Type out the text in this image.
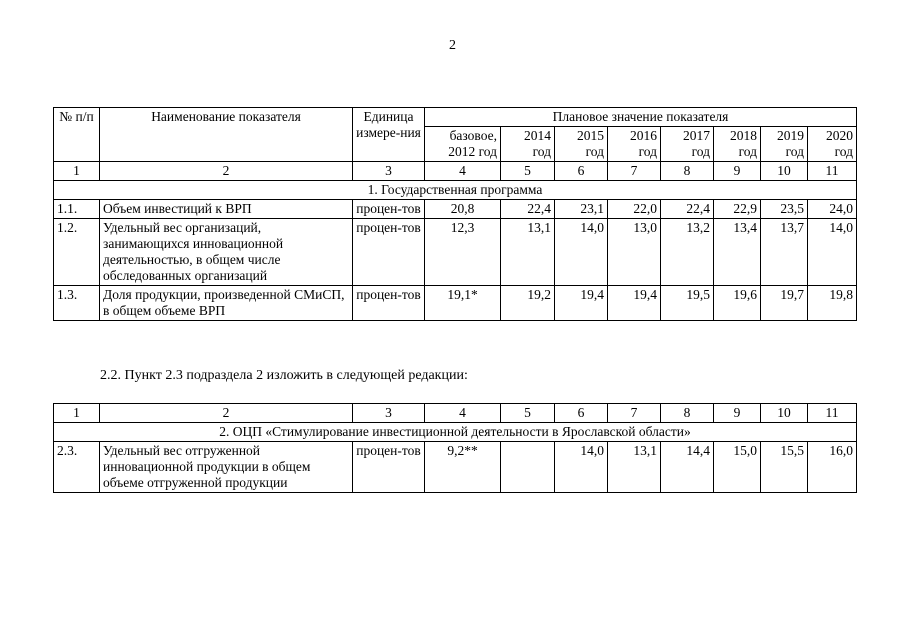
2
№ п/п	Наименование показателя	Единица измере-ния	Плановое значение показателя							
			базовое, 2012 год	2014 год	2015 год	2016 год	2017 год	2018 год	2019 год	2020 год
1	2	3	4	5	6	7	8	9	10	11
1. Государственная программа										
1.1.	Объем инвестиций к ВРП	процен-тов	20,8	22,4	23,1	22,0	22,4	22,9	23,5	24,0
1.2.	Удельный вес организаций, занимающихся инновационной деятельностью, в общем числе обследованных организаций	процен-тов	12,3	13,1	14,0	13,0	13,2	13,4	13,7	14,0
1.3.	Доля продукции, произведенной СМиСП, в общем объеме ВРП	процен-тов	19,1*	19,2	19,4	19,4	19,5	19,6	19,7	19,8
2.2. Пункт 2.3 подраздела 2 изложить в следующей редакции:
1	2	3	4	5	6	7	8	9	10	11
2. ОЦП «Стимулирование инвестиционной деятельности в Ярославской области»										
2.3.	Удельный вес отгруженной инновационной продукции в общем объеме отгруженной продукции	процен-тов	9,2**		14,0	13,1	14,4	15,0	15,5	16,0
